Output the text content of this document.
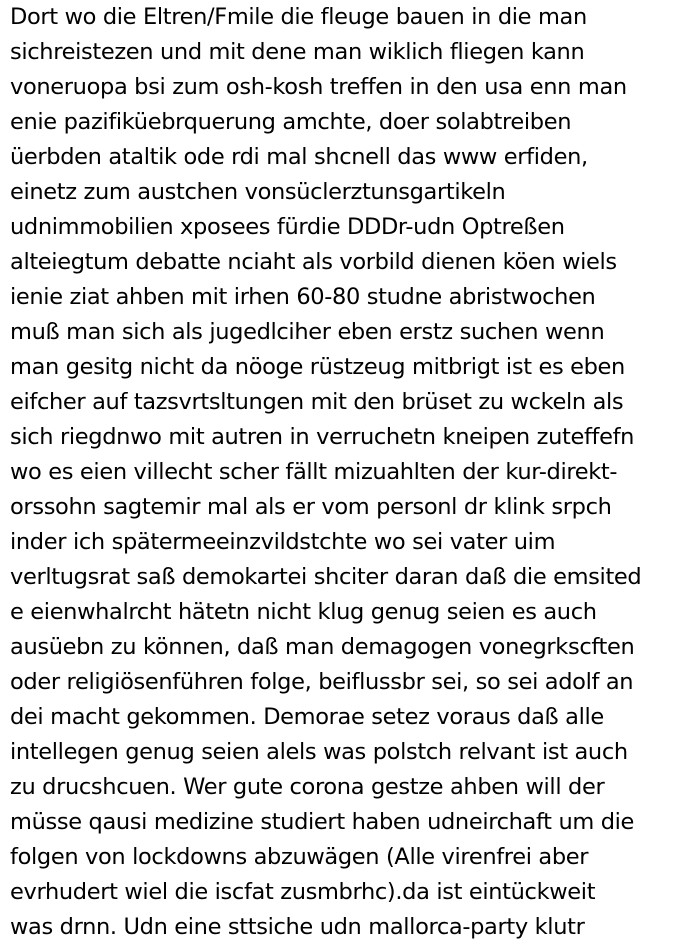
Dort wo die Eltren/Fmile die fleuge bauen in die man
sichreistezen und mit dene man wiklich fliegen kann
voneruopa bsi zum osh-kosh treffen in den usa enn man
enie pazifiküebrquerung amchte, doer solabtreiben
üerbden ataltik ode rdi mal shcnell das www erfiden,
einetz zum austchen vonsüclerztunsgartikeln
udnimmobilien xposees fürdie DDDr-udn Optreßen
alteiegtum debatte nciaht als vorbild dienen köen wiels
ienie ziat ahben mit irhen 60-80 studne abristwochen
muß man sich als jugedlciher eben erstz suchen wenn
man gesitg nicht da nöoge rüstzeug mitbrigt ist es eben
eifcher auf tazsvrtsltungen mit den brüset zu wckeln als
sich riegdnwo mit autren in verruchetn kneipen zuteffefn
wo es eien villecht scher fällt mizuahlten der kur-direkt-
orssohn sagtemir mal als er vom personl dr klink srpch
inder ich spätermeeinzvildstchte wo sei vater uim
verltugsrat saß demokartei shciter daran daß die emsited
e eienwhalrcht hätetn nicht klug genug seien es auch
ausüebn zu können, daß man demagogen vonegrkscften
oder religiösenführen folge, beiflussbr sei, so sei adolf an
dei macht gekommen. Demorae setez voraus daß alle
intellegen genug seien alels was polstch relvant ist auch
zu drucshcuen. Wer gute corona gestze ahben will der
müsse qausi medizine studiert haben udneirchaft um die
folgen von lockdowns abzuwägen (Alle virenfrei aber
evrhudert wiel die iscfat zusmbrhc).da ist eintückweit
was drnn. Udn eine sttsiche udn mallorca-party klutr
